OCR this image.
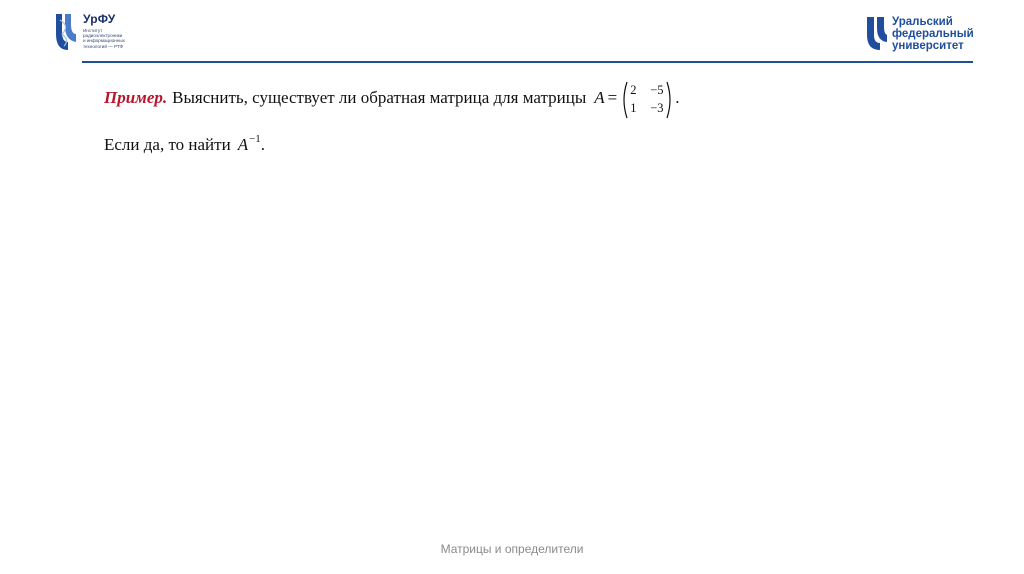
УрФУ
Институт
радиоэлектроники
и информационных
технологий — РТФ
Уральский
федеральный
университет
Пример. Выяснить, существует ли обратная матрица для матрицы A = 2 −5
1 −3
.
Если да, то найти $A^{-1}$.
Матрицы и определители
